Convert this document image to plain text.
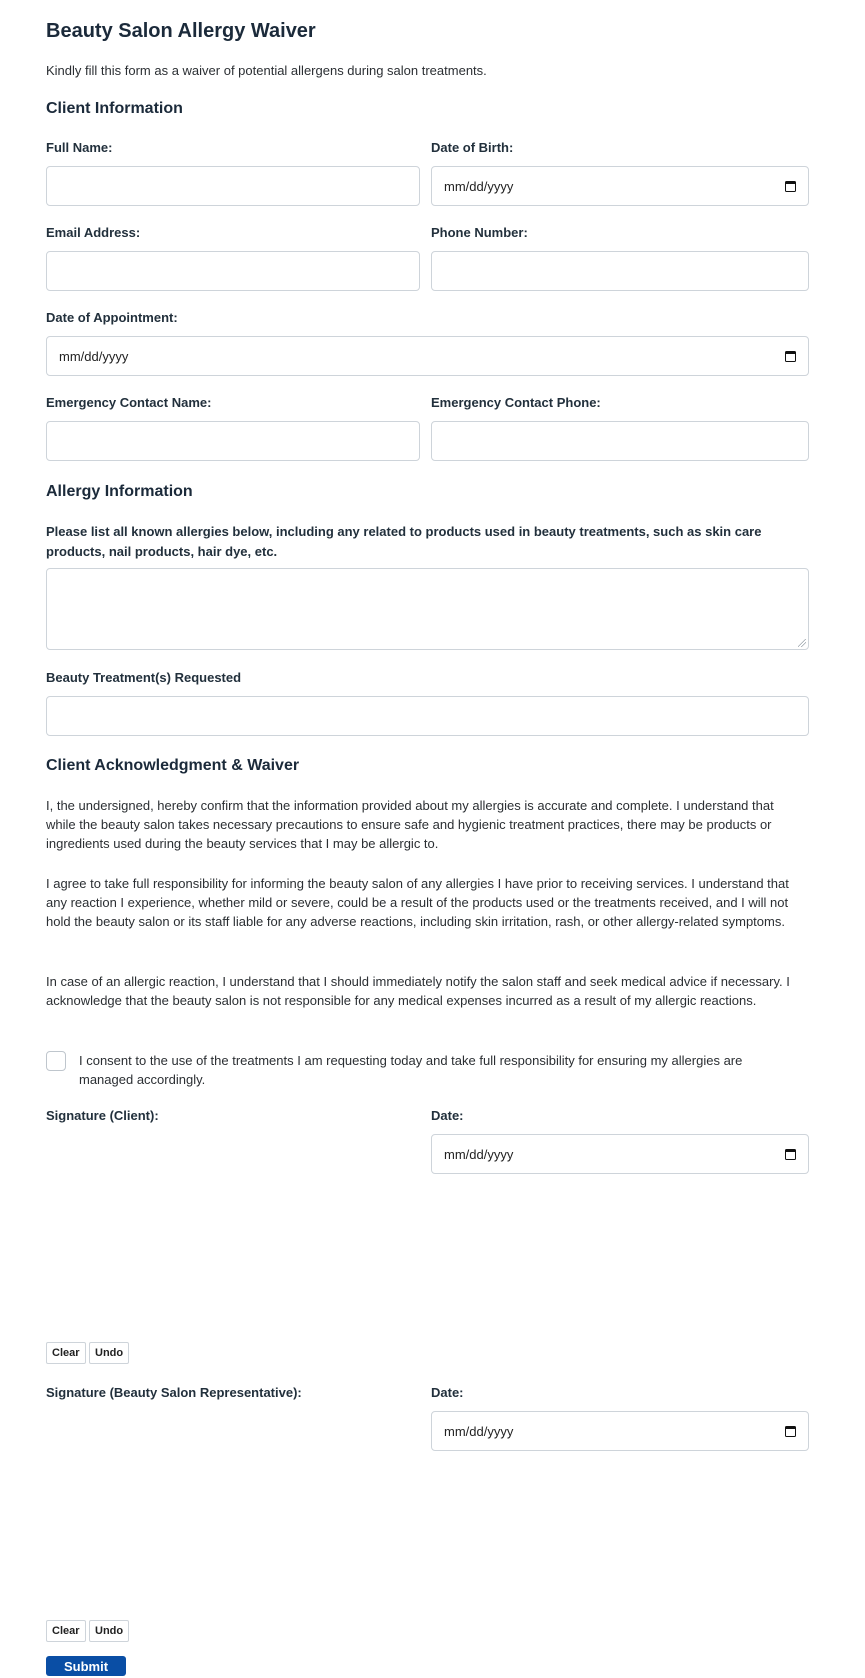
Beauty Salon Allergy Waiver
Kindly fill this form as a waiver of potential allergens during salon treatments.
Client Information
Full Name:	Date of Birth:
mm/dd/yyyy
Email Address:	Phone Number:
Date of Appointment:
mm/dd/yyyy
Emergency Contact Name:	Emergency Contact Phone:
Allergy Information
Please list all known allergies below, including any related to products used in beauty treatments, such as skin care products, nail products, hair dye, etc.
Beauty Treatment(s) Requested
Client Acknowledgment & Waiver
I, the undersigned, hereby confirm that the information provided about my allergies is accurate and complete. I understand that while the beauty salon takes necessary precautions to ensure safe and hygienic treatment practices, there may be products or ingredients used during the beauty services that I may be allergic to.
I agree to take full responsibility for informing the beauty salon of any allergies I have prior to receiving services. I understand that any reaction I experience, whether mild or severe, could be a result of the products used or the treatments received, and I will not hold the beauty salon or its staff liable for any adverse reactions, including skin irritation, rash, or other allergy-related symptoms.
In case of an allergic reaction, I understand that I should immediately notify the salon staff and seek medical advice if necessary. I acknowledge that the beauty salon is not responsible for any medical expenses incurred as a result of my allergic reactions.
I consent to the use of the treatments I am requesting today and take full responsibility for ensuring my allergies are managed accordingly.
Signature (Client):	Date:
mm/dd/yyyy
Clear	Undo
Signature (Beauty Salon Representative):	Date:
mm/dd/yyyy
Clear	Undo
Submit
